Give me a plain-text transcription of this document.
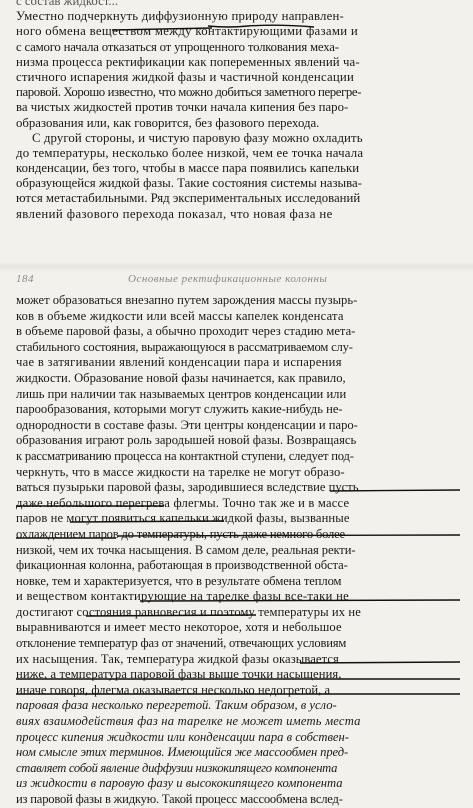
с состав жидкост...
Уместно подчеркнуть диффузионную природу направлен-
ного обмена веществом между контактирующими фазами и
с самого начала отказаться от упрощенного толкования меха-
низма процесса ректификации как попеременных явлений ча-
стичного испарения жидкой фазы и частичной конденсации
паровой. Хорошо известно, что можно добиться заметного перегре-
ва чистых жидкостей против точки начала кипения без паро-
образования или, как говорится, без фазового перехода.
С другой стороны, и чистую паровую фазу можно охладить
до температуры, несколько более низкой, чем ее точка начала
конденсации, без того, чтобы в массе пара появились капельки
образующейся жидкой фазы. Такие состояния системы называ-
ются метастабильными. Ряд экспериментальных исследований
явлений фазового перехода показал, что новая фаза не
184	Основные ректификационные колонны
может образоваться внезапно путем зарождения массы пузырь-
ков в объеме жидкости или всей массы капелек конденсата
в объеме паровой фазы, а обычно проходит через стадию мета-
стабильного состояния, выражающуюся в рассматриваемом слу-
чае в затягивании явлений конденсации пара и испарения
жидкости. Образование новой фазы начинается, как правило,
лишь при наличии так называемых центров конденсации или
парообразования, которыми могут служить какие-нибудь не-
однородности в составе фазы. Эти центры конденсации и паро-
образования играют роль зародышей новой фазы. Возвращаясь
к рассматриванию процесса на контактной ступени, следует под-
черкнуть, что в массе жидкости на тарелке не могут образо-
ваться пузырьки паровой фазы, зародившиеся вследствие пусть
даже небольшого перегрева флегмы. Точно так же и в массе
паров не могут появиться капельки жидкой фазы, вызванные
охлаждением паров до температуры, пусть даже немного более
низкой, чем их точка насыщения. В самом деле, реальная ректи-
фикационная колонна, работающая в производственной обста-
новке, тем и характеризуется, что в результате обмена теплом
и веществом контактирующие на тарелке фазы все-таки не
достигают состояния равновесия и поэтому температуры их не
выравниваются и имеет место некоторое, хотя и небольшое
отклонение температур фаз от значений, отвечающих условиям
их насыщения. Так, температура жидкой фазы оказывается
ниже, а температура паровой фазы выше точки насыщения,
иначе говоря, флегма оказывается несколько недогретой, а
паровая фаза несколько перегретой. Таким образом, в усло-
виях взаимодействия фаз на тарелке не может иметь места
процесс кипения жидкости или конденсации пара в собствен-
ном смысле этих терминов. Имеющийся же массообмен пред-
ставляет собой явление диффузии низкокипящего компонента
из жидкости в паровую фазу и высококипящего компонента
из паровой фазы в жидкую. Такой процесс массообмена вслед-
